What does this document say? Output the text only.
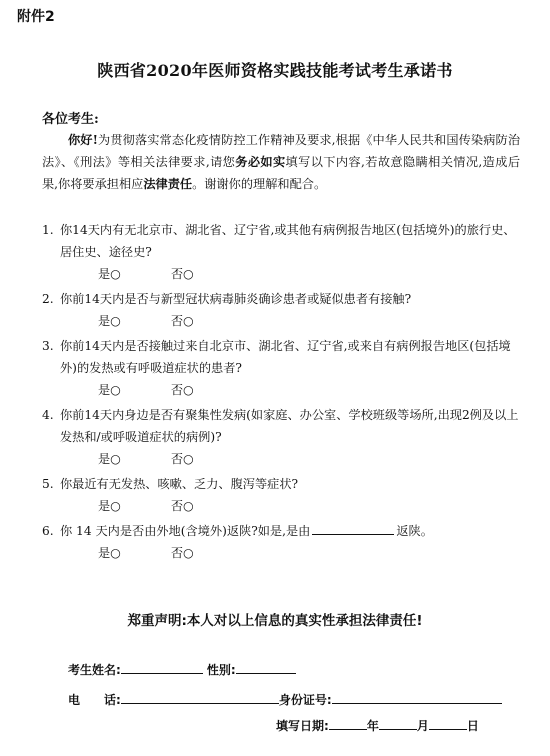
附件2
陕西省2020年医师资格实践技能考试考生承诺书
各位考生:
你好!为贯彻落实常态化疫情防控工作精神及要求,根据《中华人民共和国传染病防治法》、《刑法》等相关法律要求,请您务必如实填写以下内容,若故意隐瞒相关情况,造成后果,你将要承担相应法律责任。谢谢你的理解和配合。
1. 你14天内有无北京市、湖北省、辽宁省,或其他有病例报告地区(包括境外)的旅行史、居住史、途径史?
是○	否○
2. 你前14天内是否与新型冠状病毒肺炎确诊患者或疑似患者有接触?
是○	否○
3. 你前14天内是否接触过来自北京市、湖北省、辽宁省,或来自有病例报告地区(包括境外)的发热或有呼吸道症状的患者?
是○	否○
4. 你前14天内身边是否有聚集性发病(如家庭、办公室、学校班级等场所,出现2例及以上发热和/或呼吸道症状的病例)?
是○	否○
5. 你最近有无发热、咳嗽、乏力、腹泻等症状?
是○	否○
6. 你 14 天内是否由外地(含境外)返陕?如是,是由	返陕。
是○	否○
郑重声明:本人对以上信息的真实性承担法律责任!
考生姓名:	性别:
电　　话:	身份证号:
填写日期:	年	月	日
